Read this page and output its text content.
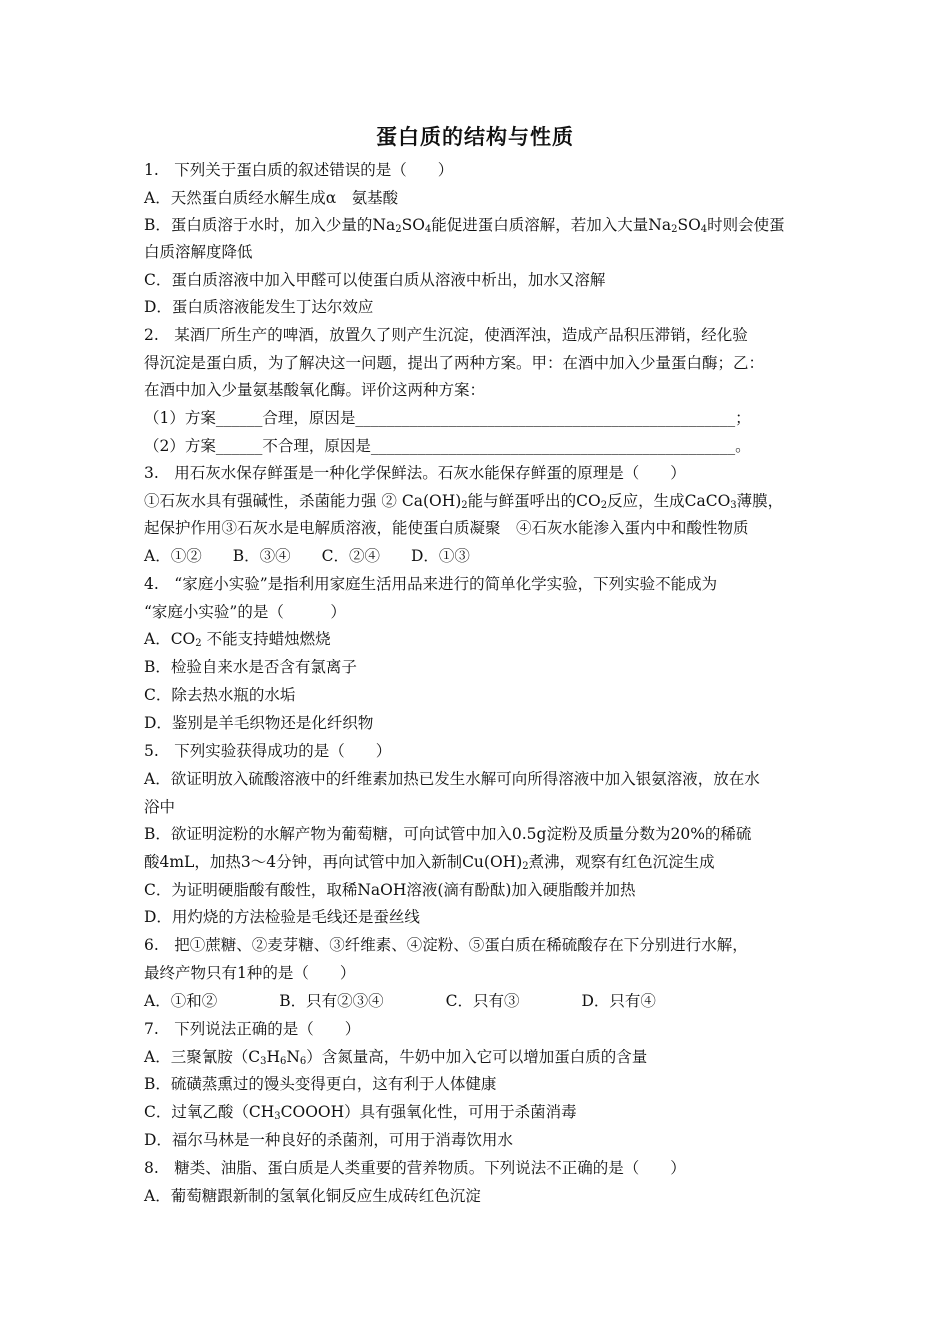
蛋白质的结构与性质
1.　下列关于蛋白质的叙述错误的是（　　）
A．天然蛋白质经水解生成α　氨基酸
B．蛋白质溶于水时，加入少量的$Na_2SO_4$能促进蛋白质溶解，若加入大量$Na_2SO_4$时则会使蛋
白质溶解度降低
C．蛋白质溶液中加入甲醛可以使蛋白质从溶液中析出，加水又溶解
D．蛋白质溶液能发生丁达尔效应
2.　某酒厂所生产的啤酒，放置久了则产生沉淀，使酒浑浊，造成产品积压滞销，经化验
得沉淀是蛋白质，为了解决这一问题，提出了两种方案。甲：在酒中加入少量蛋白酶；乙：
在酒中加入少量氨基酸氧化酶。评价这两种方案：
（1）方案______合理，原因是_________________________________________________；
（2）方案______不合理，原因是_______________________________________________。
3.　用石灰水保存鲜蛋是一种化学保鲜法。石灰水能保存鲜蛋的原理是（　　）
①石灰水具有强碱性，杀菌能力强 ② $Ca(OH)_2$能与鲜蛋呼出的$CO_2$反应，生成CaCO$_3$薄膜，
起保护作用③石灰水是电解质溶液，能使蛋白质凝聚　④石灰水能渗入蛋内中和酸性物质
A．①②　　B．③④　　C．②④　　D．①③
4.　“家庭小实验”是指利用家庭生活用品来进行的简单化学实验，下列实验不能成为
“家庭小实验”的是（　　　）
A．$CO_2$ 不能支持蜡烛燃烧
B．检验自来水是否含有氯离子
C．除去热水瓶的水垢
D．鉴别是羊毛织物还是化纤织物
5.　下列实验获得成功的是（　　）
A．欲证明放入硫酸溶液中的纤维素加热已发生水解可向所得溶液中加入银氨溶液，放在水
浴中
B．欲证明淀粉的水解产物为葡萄糖，可向试管中加入0.5g淀粉及质量分数为20%的稀硫
酸4mL，加热3～4分钟，再向试管中加入新制$Cu(OH)_2$煮沸，观察有红色沉淀生成
C．为证明硬脂酸有酸性，取稀NaOH溶液(滴有酚酞)加入硬脂酸并加热
D．用灼烧的方法检验是毛线还是蚕丝线
6.　把①蔗糖、②麦芽糖、③纤维素、④淀粉、⑤蛋白质在稀硫酸存在下分别进行水解，
最终产物只有1种的是（　　）
A．①和②　　　　B．只有②③④　　　　C．只有③　　　　D．只有④
7.　下列说法正确的是（　　）
A．三聚氰胺$(C_3H_6N_6)$含氮量高，牛奶中加入它可以增加蛋白质的含量
B．硫磺蒸熏过的馒头变得更白，这有利于人体健康
C．过氧乙酸$(CH_3COOOH)$具有强氧化性，可用于杀菌消毒
D．福尔马林是一种良好的杀菌剂，可用于消毒饮用水
8.　糖类、油脂、蛋白质是人类重要的营养物质。下列说法不正确的是（　　）
A．葡萄糖跟新制的氢氧化铜反应生成砖红色沉淀
